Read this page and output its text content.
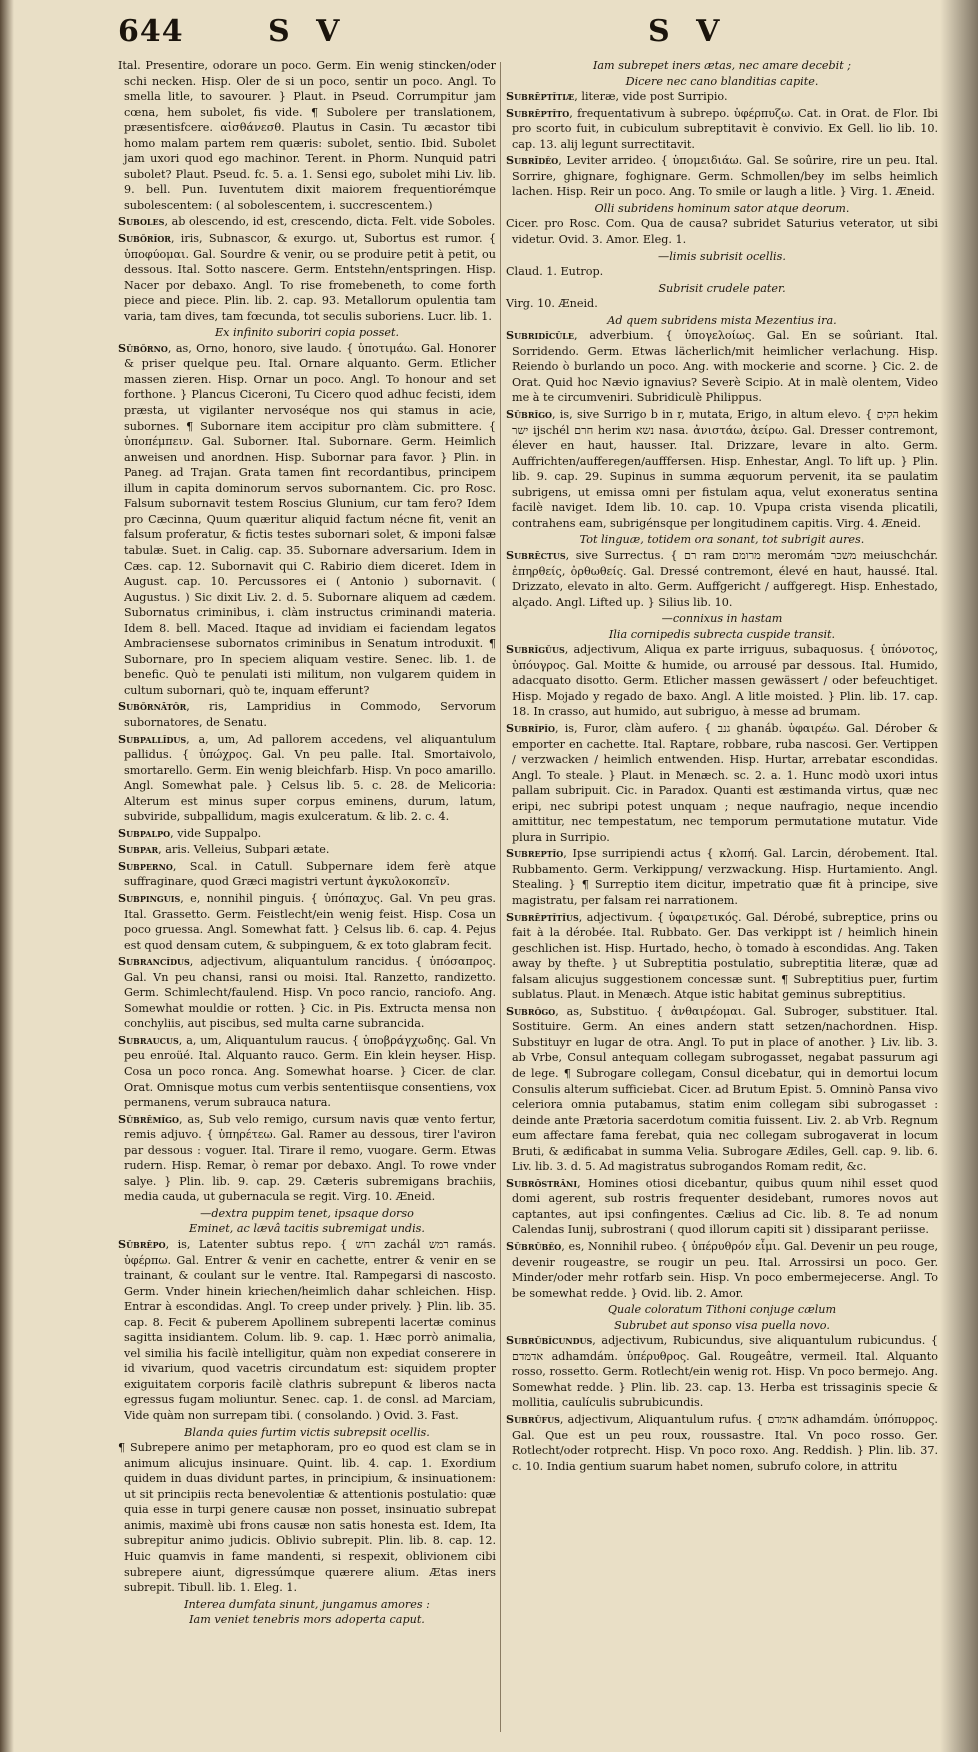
644	S V	S V

Ital. Presentire, odorare un poco. Germ. Ein wenig stincken/oder schi necken. Hisp. Oler de si un poco, sentir un poco. Angl. To smella litle, to savourer. } Plaut. in Pseud. Corrumpitur jam cœna, hem subolet, fis vide. ¶ Subolere per translationem, præsentisfcere. αἰσθάνεσθ. Plautus in Casin. Tu æcastor tibi homo malam partem rem quæris: subolet, sentio. Ibid. Subolet jam uxori quod ego machinor. Terent. in Phorm. Nunquid patri subolet? Plaut. Pseud. fc. 5. a. 1. Sensi ego, subolet mihi Liv. lib. 9. bell. Pun. Iuventutem dixit maiorem frequentiorémque subolescentem: ( al sobolescentem, i. succrescentem.)

Suboles, ab olescendo, id est, crescendo, dicta. Felt. vide Soboles.

Subŏrĭor, iris, Subnascor, & exurgo. ut, Subortus est rumor. { ὑποφύομαι. Gal. Sourdre & venir, ou se produire petit à petit, ou dessous. Ital. Sotto nascere. Germ. Entstehn/entspringen. Hisp. Nacer por debaxo. Angl. To rise fromebeneth, to come forth piece and piece. Plin. lib. 2. cap. 93. Metallorum opulentia tam varia, tam dives, tam fœcunda, tot seculis suboriens. Lucr. lib. 1.

Ex infinito suboriri copia posset.

Sŭbŏrno, as, Orno, honoro, sive laudo. { ὑποτιμάω. Gal. Honorer & priser quelque peu. Ital. Ornare alquanto. Germ. Etlicher massen zieren. Hisp. Ornar un poco. Angl. To honour and set forthone. } Plancus Ciceroni, Tu Cicero quod adhuc fecisti, idem præsta, ut vigilanter nervoséque nos qui stamus in acie, subornes. ¶ Subornare item accipitur pro clàm submittere. { ὑποπέμπειν. Gal. Suborner. Ital. Subornare. Germ. Heimlich anweisen und anordnen. Hisp. Subornar para favor. } Plin. in Paneg. ad Trajan. Grata tamen fint recordantibus, principem illum in capita dominorum servos subornantem. Cic. pro Rosc. Falsum subornavit testem Roscius Glunium, cur tam fero? Idem pro Cæcinna, Quum quæritur aliquid factum nécne fit, venit an falsum proferatur, & fictis testes subornari solet, & imponi falsæ tabulæ. Suet. in Calig. cap. 35. Subornare adversarium. Idem in Cæs. cap. 12. Subornavit qui C. Rabirio diem diceret. Idem in August. cap. 10. Percussores ei ( Antonio ) subornavit. ( Augustus. ) Sic dixit Liv. 2. d. 5. Subornare aliquem ad cædem. Subornatus criminibus, i. clàm instructus criminandi materia. Idem 8. bell. Maced. Itaque ad invidiam ei faciendam legatos Ambraciensese subornatos criminibus in Senatum introduxit. ¶ Subornare, pro In speciem aliquam vestire. Senec. lib. 1. de benefic. Quò te penulati isti militum, non vulgarem quidem in cultum subornari, quò te, inquam efferunt?

Subŏrnātŏr, ris, Lampridius in Commodo, Servorum subornatores, de Senatu.

Subpallĭdus, a, um, Ad pallorem accedens, vel aliquantulum pallidus. { ὑπώχρος. Gal. Vn peu palle. Ital. Smortaivolo, smortarello. Germ. Ein wenig bleichfarb. Hisp. Vn poco amarillo. Angl. Somewhat pale. } Celsus lib. 5. c. 28. de Melicoria: Alterum est minus super corpus eminens, durum, latum, subviride, subpallidum, magis exulceratum. & lib. 2. c. 4.

Subpalpo, vide Suppalpo.

Subpar, aris. Velleius, Subpari ætate.

Subperno, Scal. in Catull. Subpernare idem ferè atque suffraginare, quod Græci magistri vertunt ἀγκυλοκοπεῖν.

Subpinguis, e, nonnihil pinguis. { ὑπόπαχυς. Gal. Vn peu gras. Ital. Grassetto. Germ. Feistlecht/ein wenig feist. Hisp. Cosa un poco gruessa. Angl. Somewhat fatt. } Celsus lib. 6. cap. 4. Pejus est quod densam cutem, & subpinguem, & ex toto glabram fecit.

Subrancĭdus, adjectivum, aliquantulum rancidus. { ὑπόσαπρος. Gal. Vn peu chansi, ransi ou moisi. Ital. Ranzetto, randizetto. Germ. Schimlecht/faulend. Hisp. Vn poco rancio, ranciofo. Ang. Somewhat mouldie or rotten. } Cic. in Pis. Extructa mensa non conchyliis, aut piscibus, sed multa carne subrancida.

Subraucus, a, um, Aliquantulum raucus. { ὑποβράγχωδης. Gal. Vn peu enroüé. Ital. Alquanto rauco. Germ. Ein klein heyser. Hisp. Cosa un poco ronca. Ang. Somewhat hoarse. } Cicer. de clar. Orat. Omnisque motus cum verbis sententiisque consentiens, vox permanens, verum subrauca natura.

Sŭbrēmĭgo, as, Sub velo remigo, cursum navis quæ vento fertur, remis adjuvo. { ὑπηρέτεω. Gal. Ramer au dessous, tirer l'aviron par dessous : voguer. Ital. Tirare il remo, vuogare. Germ. Etwas rudern. Hisp. Remar, ò remar por debaxo. Angl. To rowe vnder salye. } Plin. lib. 9. cap. 29. Cæteris subremigans brachiis, media cauda, ut gubernacula se regit. Virg. 10. Æneid.

—dextra puppim tenet, ipsaque dorso

Eminet, ac lævâ tacitis subremigat undis.

Sŭbrēpo, is, Latenter subtus repo. { רחש zachál רמש ramás. ὑφέρπω. Gal. Entrer & venir en cachette, entrer & venir en se trainant, & coulant sur le ventre. Ital. Rampegarsi di nascosto. Germ. Vnder hinein kriechen/heimlich dahar schleichen. Hisp. Entrar à escondidas. Angl. To creep under prively. } Plin. lib. 35. cap. 8. Fecit & puberem Apollinem subrepenti lacertæ cominus sagitta insidiantem. Colum. lib. 9. cap. 1. Hæc porrò animalia, vel similia his facilè intelligitur, quàm non expediat conserere in id vivarium, quod vacetris circundatum est: siquidem propter exiguitatem corporis facilè clathris subrepunt & liberos nacta egressus fugam moliuntur. Senec. cap. 1. de consl. ad Marciam, Vide quàm non surrepam tibi. ( consolando. ) Ovid. 3. Fast.

Blanda quies furtim victis subrepsit ocellis.

¶ Subrepere animo per metaphoram, pro eo quod est clam se in animum alicujus insinuare. Quint. lib. 4. cap. 1. Exordium quidem in duas dividunt partes, in principium, & insinuationem: ut sit principiis recta benevolentiæ & attentionis postulatio: quæ quia esse in turpi genere causæ non posset, insinuatio subrepat animis, maximè ubi frons causæ non satis honesta est. Idem, Ita subrepitur animo judicis. Oblivio subrepit. Plin. lib. 8. cap. 12. Huic quamvis in fame mandenti, si respexit, oblivionem cibi subrepere aiunt, digressúmque quærere alium. Ætas iners subrepit. Tibull. lib. 1. Eleg. 1.

Interea dumfata sinunt, jungamus amores :

Iam veniet tenebris mors adoperta caput.

Iam subrepet iners ætas, nec amare decebit ;

Dicere nec cano blanditias capite.

Subrēptĭtiæ, literæ, vide post Surripio.

Subrēptĭto, frequentativum à subrepo. ὑφέρπυζω. Cat. in Orat. de Flor. Ibi pro scorto fuit, in cubiculum subreptitavit è convivio. Ex Gell. lio lib. 10. cap. 13. alij legunt surrectitavit.

Subrīdĕo, Leviter arrideo. { ὑπομειδιάω. Gal. Se soûrire, rire un peu. Ital. Sorrire, ghignare, foghignare. Germ. Schmollen/bey im selbs heimlich lachen. Hisp. Reir un poco. Ang. To smile or laugh a litle. } Virg. 1. Æneid.

Olli subridens hominum sator atque deorum.

Cicer. pro Rosc. Com. Qua de causa? subridet Saturius veterator, ut sibi videtur. Ovid. 3. Amor. Eleg. 1.

—limis subrisit ocellis.

Claud. 1. Eutrop.

Subrisit crudele pater.

Virg. 10. Æneid.

Ad quem subridens mista Mezentius ira.

Subridĭcŭle, adverbium. { ὑπογελοίως. Gal. En se soûriant. Ital. Sorridendo. Germ. Etwas lächerlich/mit heimlicher verlachung. Hisp. Reiendo ò burlando un poco. Ang. with mockerie and scorne. } Cic. 2. de Orat. Quid hoc Nævio ignavius? Severè Scipio. At in malè olentem, Video me à te circumveniri. Subridiculè Philippus.

Sŭbrĭgo, is, sive Surrigo b in r, mutata, Erigo, in altum elevo. { הקים hekim ישר ijschél חרם herim נשא nasa. ἀνιστάω, ἀείρω. Gal. Dresser contremont, élever en haut, hausser. Ital. Drizzare, levare in alto. Germ. Auffrichten/aufferegen/aufffersen. Hisp. Enhestar, Angl. To lift up. } Plin. lib. 9. cap. 29. Supinus in summa æquorum pervenit, ita se paulatim subrigens, ut emissa omni per fistulam aqua, velut exoneratus sentina facilè naviget. Idem lib. 10. cap. 10. Vpupa crista visenda plicatili, contrahens eam, subrigénsque per longitudinem capitis. Virg. 4. Æneid.

Tot linguæ, totidem ora sonant, tot subrigit aures.

Subrēctus, sive Surrectus. { רם ram מרומם meromám משכר meiuschchár. ἐπηρθείς, ὀρθωθείς. Gal. Dressé contremont, élevé en haut, haussé. Ital. Drizzato, elevato in alto. Germ. Auffgericht / auffgeregt. Hisp. Enhestado, alçado. Angl. Lifted up. } Silius lib. 10.

—connixus in hastam

Ilia cornipedis subrecta cuspide transit.

Subrĭgŭus, adjectivum, Aliqua ex parte irriguus, subaquosus. { ὑπόνοτος, ὑπόυγρος. Gal. Moitte & humide, ou arrousé par dessous. Ital. Humido, adacquato disotto. Germ. Etlicher massen gewässert / oder befeuchtiget. Hisp. Mojado y regado de baxo. Angl. A litle moisted. } Plin. lib. 17. cap. 18. In crasso, aut humido, aut subriguo, à messe ad brumam.

Subrĭpĭo, is, Furor, clàm aufero. { גנב ghanáb. ὑφαιρέω. Gal. Dérober & emporter en cachette. Ital. Raptare, robbare, ruba nascosi. Ger. Vertippen / verzwacken / heimlich entwenden. Hisp. Hurtar, arrebatar escondidas. Angl. To steale. } Plaut. in Menæch. sc. 2. a. 1. Hunc modò uxori intus pallam subripuit. Cic. in Paradox. Quanti est æstimanda virtus, quæ nec eripi, nec subripi potest unquam ; neque naufragio, neque incendio amittitur, nec tempestatum, nec temporum permutatione mutatur. Vide plura in Surripio.

Subreptĭo, Ipse surripiendi actus { κλοπή. Gal. Larcin, dérobement. Ital. Rubbamento. Germ. Verkippung/ verzwackung. Hisp. Hurtamiento. Angl. Stealing. } ¶ Surreptio item dicitur, impetratio quæ fit à principe, sive magistratu, per falsam rei narrationem.

Subrēptĭtĭus, adjectivum. { ὑφαιρετικός. Gal. Dérobé, subreptice, prins ou fait à la dérobée. Ital. Rubbato. Ger. Das verkippt ist / heimlich hinein geschlichen ist. Hisp. Hurtado, hecho, ò tomado à escondidas. Ang. Taken away by thefte. } ut Subreptitia postulatio, subreptitia literæ, quæ ad falsam alicujus suggestionem concessæ sunt. ¶ Subreptitius puer, furtim sublatus. Plaut. in Menæch. Atque istic habitat geminus subreptitius.

Subrŏgo, as, Substituo. { ἀνθαιρέομαι. Gal. Subroger, substituer. Ital. Sostituire. Germ. An eines andern statt setzen/nachordnen. Hisp. Substituyr en lugar de otra. Angl. To put in place of another. } Liv. lib. 3. ab Vrbe, Consul antequam collegam subrogasset, negabat passurum agi de lege. ¶ Subrogare collegam, Consul dicebatur, qui in demortui locum Consulis alterum sufficiebat. Cicer. ad Brutum Epist. 5. Omninò Pansa vivo celeriora omnia putabamus, statim enim collegam sibi subrogasset : deinde ante Prætoria sacerdotum comitia fuissent. Liv. 2. ab Vrb. Regnum eum affectare fama ferebat, quia nec collegam subrogaverat in locum Bruti, & ædificabat in summa Velia. Subrogare Ædiles, Gell. cap. 9. lib. 6. Liv. lib. 3. d. 5. Ad magistratus subrogandos Romam redit, &c.

Subrōstrāni, Homines otiosi dicebantur, quibus quum nihil esset quod domi agerent, sub rostris frequenter desidebant, rumores novos aut captantes, aut ipsi confingentes. Cælius ad Cic. lib. 8. Te ad nonum Calendas Iunij, subrostrani ( quod illorum capiti sit ) dissiparant periisse.

Sŭbrŭbĕo, es, Nonnihil rubeo. { ὑπέρυθρόν εἶμι. Gal. Devenir un peu rouge, devenir rougeastre, se rougir un peu. Ital. Arrossirsi un poco. Ger. Minder/oder mehr rotfarb sein. Hisp. Vn poco embermejecerse. Angl. To be somewhat redde. } Ovid. lib. 2. Amor.

Quale coloratum Tithoni conjuge cælum

Subrubet aut sponso visa puella novo.

Subrŭbĭcundus, adjectivum, Rubicundus, sive aliquantulum rubicundus. { אדמדם adhamdám. ὑπέρυθρος. Gal. Rougeâtre, vermeil. Ital. Alquanto rosso, rossetto. Germ. Rotlecht/ein wenig rot. Hisp. Vn poco bermejo. Ang. Somewhat redde. } Plin. lib. 23. cap. 13. Herba est trissaginis specie & mollitia, caulículis subrubicundis.

Subrŭfus, adjectivum, Aliquantulum rufus. { אדמדם adhamdám. ὑπόπυρρος. Gal. Que est un peu roux, roussastre. Ital. Vn poco rosso. Ger. Rotlecht/oder rotprecht. Hisp. Vn poco roxo. Ang. Reddish. } Plin. lib. 37. c. 10. India gentium suarum habet nomen, subrufo colore, in attritu
